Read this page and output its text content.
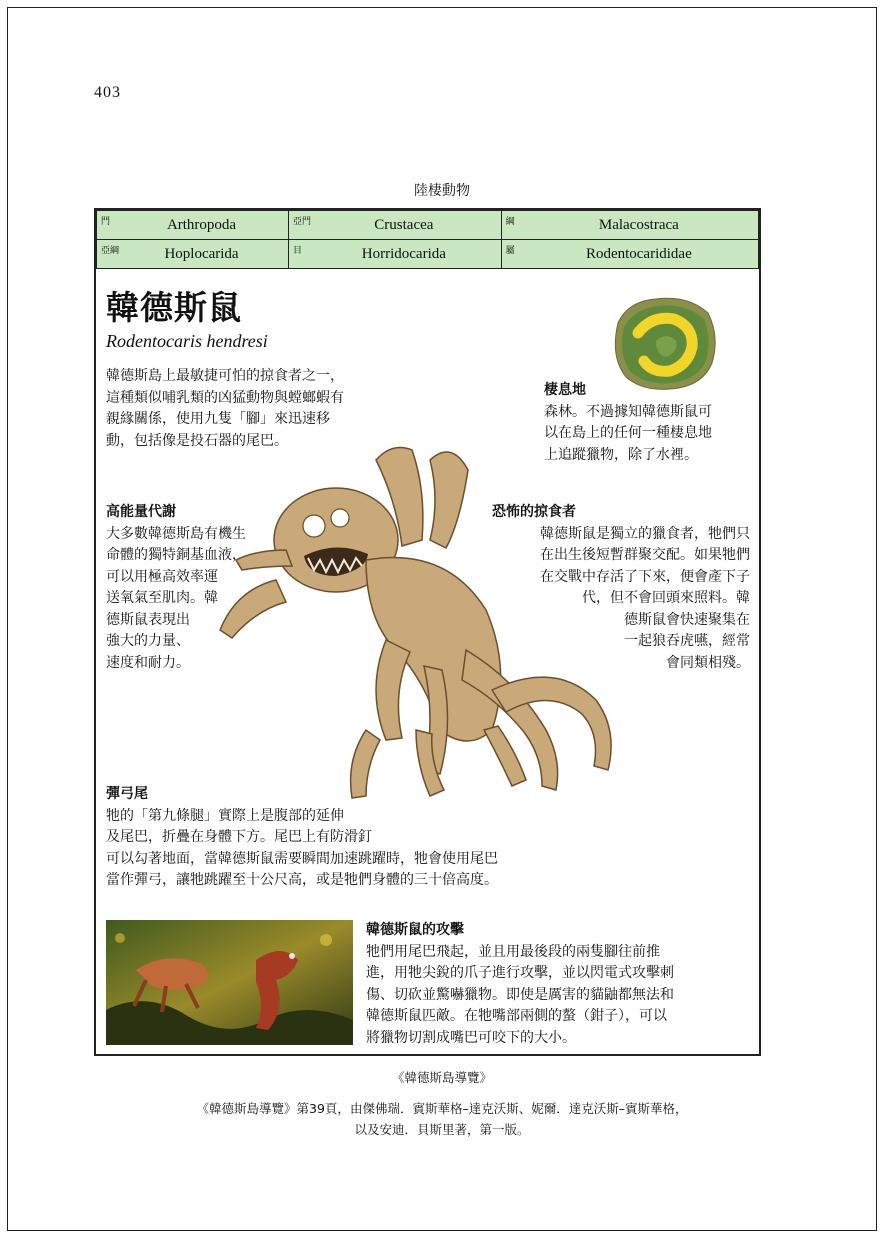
403
陸棲動物
門 Arthropoda	亞門 Crustacea	綱 Malacostraca

亞綱 Hoplocarida	目 Horridocarida	屬 Rodentocarididae
韓德斯鼠
Rodentocaris hendresi
韓德斯島上最敏捷可怕的掠食者之一，
這種類似哺乳類的凶猛動物與螳螂蝦有
親緣關係，使用九隻「腳」來迅速移
動，包括像是投石器的尾巴。
棲息地
森林。不過據知韓德斯鼠可
以在島上的任何一種棲息地
上追蹤獵物，除了水裡。
高能量代謝
大多數韓德斯島有機生
命體的獨特銅基血液，
可以用極高效率運
送氧氣至肌肉。韓
德斯鼠表現出
強大的力量、
速度和耐力。
恐怖的掠食者
韓德斯鼠是獨立的獵食者，牠們只
在出生後短暫群聚交配。如果牠們
在交戰中存活了下來，便會產下子
代，但不會回頭來照料。韓
德斯鼠會快速聚集在
一起狼吞虎嚥，經常
會同類相殘。
彈弓尾
牠的「第九條腿」實際上是腹部的延伸
及尾巴，折疊在身體下方。尾巴上有防滑釘
可以勾著地面，當韓德斯鼠需要瞬間加速跳躍時，牠會使用尾巴
當作彈弓，讓牠跳躍至十公尺高，或是牠們身體的三十倍高度。
韓德斯鼠的攻擊
牠們用尾巴飛起，並且用最後段的兩隻腳往前推
進，用牠尖銳的爪子進行攻擊，並以閃電式攻擊刺
傷、切砍並驚嚇獵物。即使是厲害的貓鼬都無法和
韓德斯鼠匹敵。在牠嘴部兩側的螯（鉗子），可以
將獵物切割成嘴巴可咬下的大小。
《韓德斯島導覽》
《韓德斯島導覽》第39頁，由傑佛瑞．賓斯華格–達克沃斯、妮爾．達克沃斯–賓斯華格，
以及安迪．貝斯里著，第一版。
